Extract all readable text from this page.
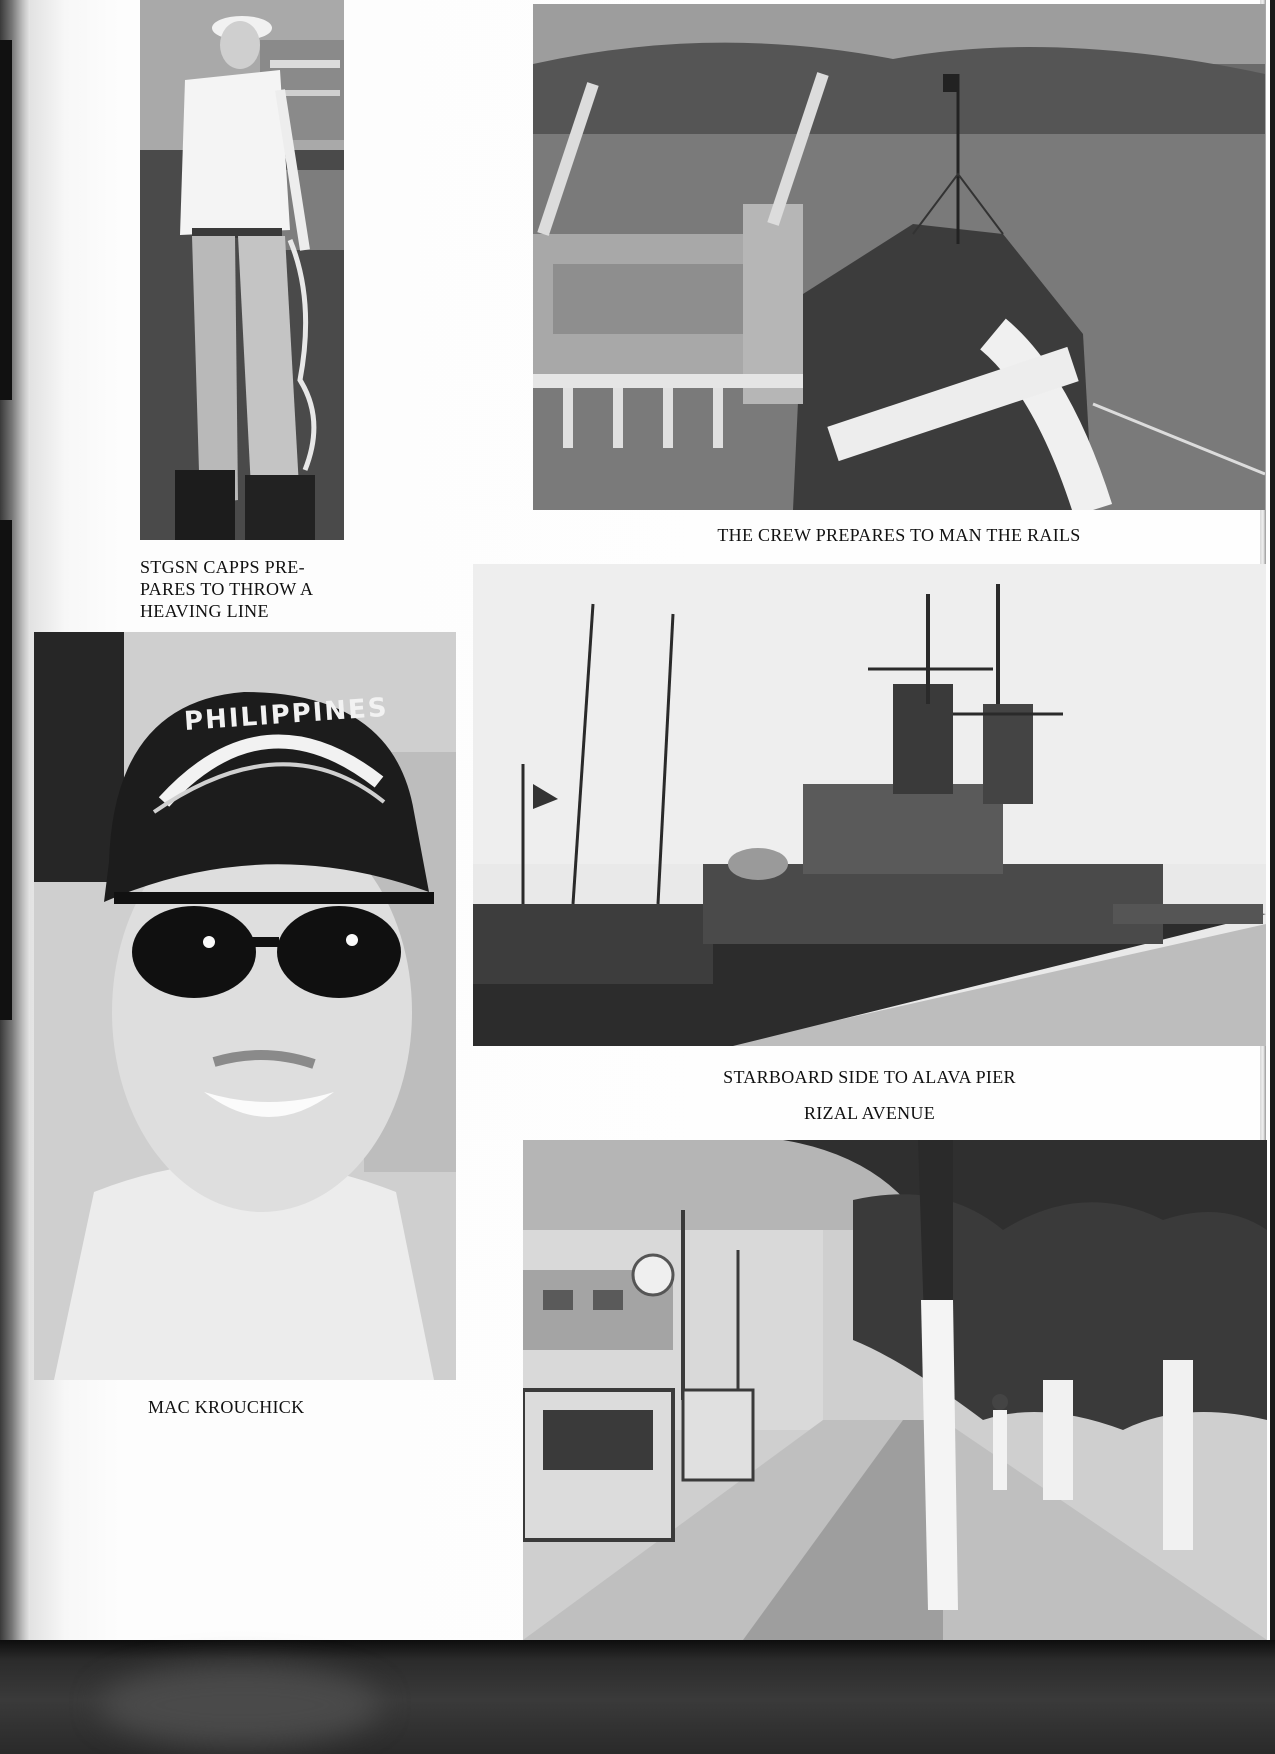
STGSN CAPPS PRE-
PARES TO THROW A
HEAVING LINE
THE CREW PREPARES TO MAN THE RAILS
PHILIPPINES
MAC KROUCHICK
STARBOARD SIDE TO ALAVA PIER
RIZAL AVENUE
